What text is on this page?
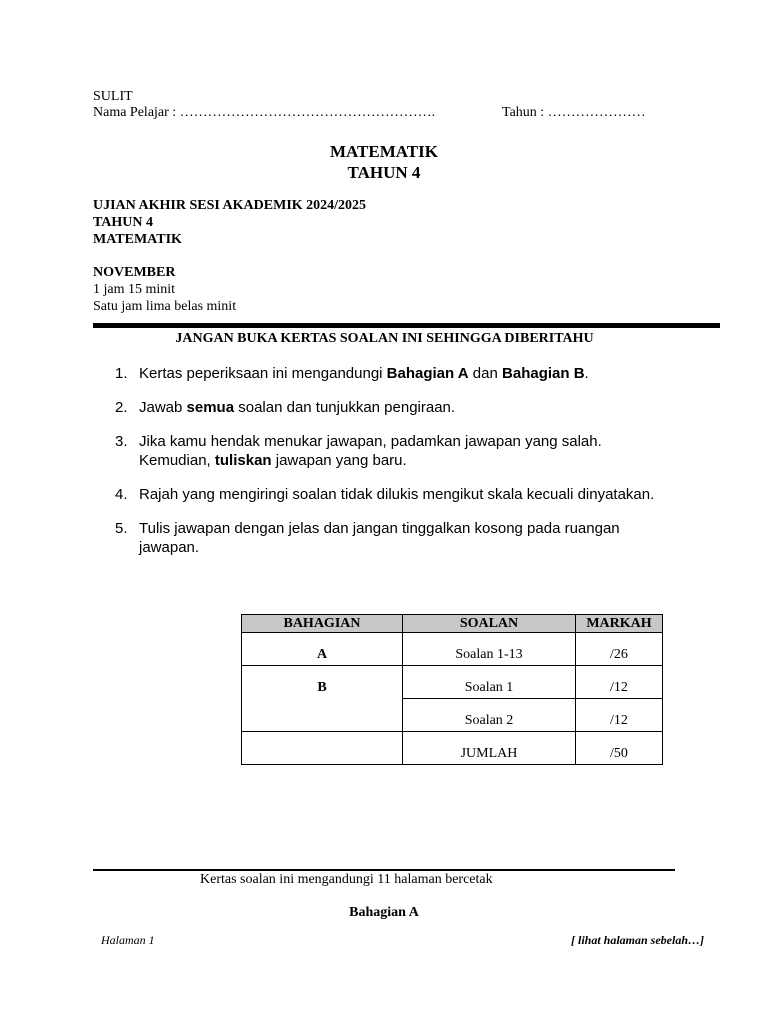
SULIT
Nama Pelajar : ……………………………………………….	Tahun : …………………
MATEMATIK
TAHUN 4
UJIAN AKHIR SESI AKADEMIK 2024/2025
TAHUN 4
MATEMATIK
NOVEMBER
1 jam 15 minit
Satu jam lima belas minit
JANGAN BUKA KERTAS SOALAN INI SEHINGGA DIBERITAHU
1. Kertas peperiksaan ini mengandungi Bahagian A dan Bahagian B.
2. Jawab semua soalan dan tunjukkan pengiraan.
3. Jika kamu hendak menukar jawapan, padamkan jawapan yang salah.
Kemudian, tuliskan jawapan yang baru.
4. Rajah yang mengiringi soalan tidak dilukis mengikut skala kecuali dinyatakan.
5. Tulis jawapan dengan jelas dan jangan tinggalkan kosong pada ruangan
jawapan.
BAHAGIAN	SOALAN	MARKAH
A	Soalan 1-13	/26
B	Soalan 1	/12
	Soalan 2	/12
	JUMLAH	/50
Kertas soalan ini mengandungi 11 halaman bercetak
Bahagian A
Halaman 1	[ lihat halaman sebelah…]
